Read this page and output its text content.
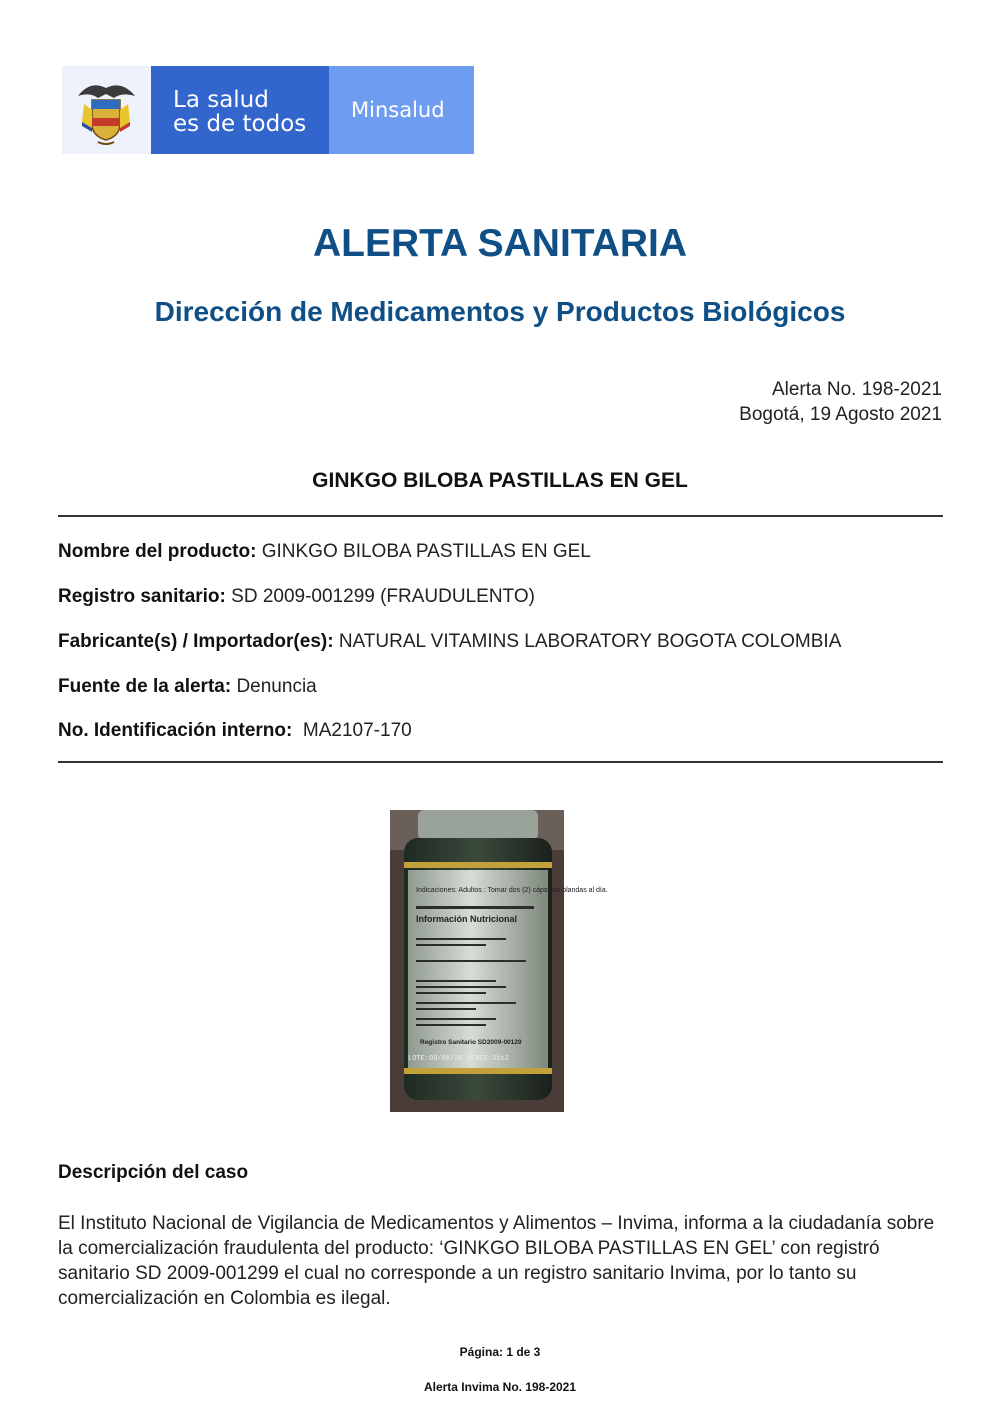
La salud
es de todos
Minsalud
ALERTA SANITARIA
Dirección de Medicamentos y Productos Biológicos
Alerta No. 198-2021
Bogotá, 19 Agosto 2021
GINKGO BILOBA PASTILLAS EN GEL
Nombre del producto: GINKGO BILOBA PASTILLAS EN GEL
Registro sanitario: SD 2009-001299 (FRAUDULENTO)
Fabricante(s) / Importador(es): NATURAL VITAMINS LABORATORY BOGOTA COLOMBIA
Fuente de la alerta: Denuncia
No. Identificación interno:  MA2107-170
Indicaciones: Adultos : Tomar dos (2) cápsulas blandas al día.
Información Nutricional
Registro Sanitario SD2009-00129
LOTE:08/08/20 VENCE:31c2
Descripción del caso
El Instituto Nacional de Vigilancia de Medicamentos y Alimentos – Invima, informa a la ciudadanía sobre la comercialización fraudulenta del producto: ‘GINKGO BILOBA PASTILLAS EN GEL’ con registró sanitario SD 2009-001299 el cual no corresponde a un registro sanitario Invima, por lo tanto su comercialización en Colombia es ilegal.
Página: 1 de 3
Alerta Invima No. 198-2021
